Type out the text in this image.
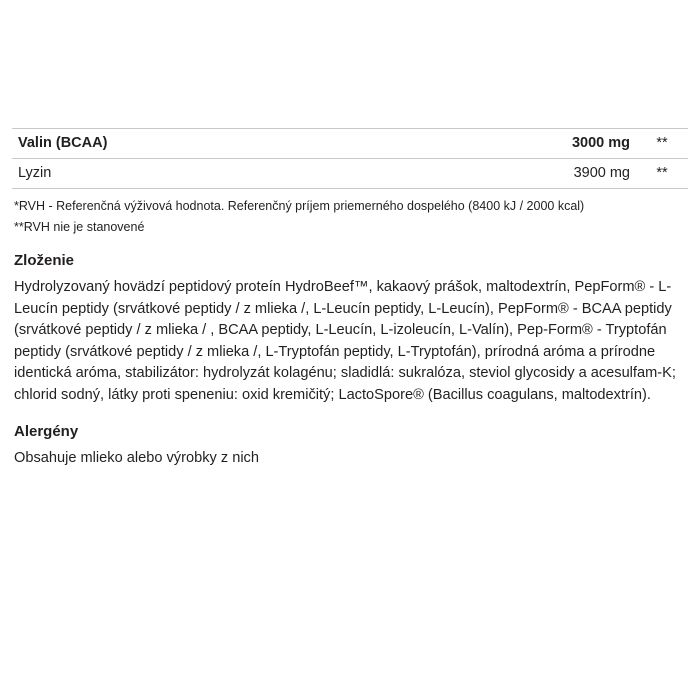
Valin (BCAA)	3000 mg	**
Lyzin	3900 mg	**
*RVH - Referenčná výživová hodnota. Referenčný príjem priemerného dospelého (8400 kJ / 2000 kcal)
**RVH nie je stanovené
Zloženie
Hydrolyzovaný hovädzí peptidový proteín HydroBeef™, kakaový prášok, maltodextrín, PepForm® - L-Leucín peptidy (srvátkové peptidy / z mlieka /, L-Leucín peptidy, L-Leucín), PepForm® - BCAA peptidy (srvátkové peptidy / z mlieka / , BCAA peptidy, L-Leucín, L-izoleucín, L-Valín), Pep-Form® - Tryptofán peptidy (srvátkové peptidy / z mlieka /, L-Tryptofán peptidy, L-Tryptofán), prírodná aróma a prírodne identická aróma, stabilizátor: hydrolyzát kolagénu; sladidlá: sukralóza, steviol glycosidy a acesulfam-K; chlorid sodný, látky proti speneniu: oxid kremičitý; LactoSpore® (Bacillus coagulans, maltodextrín).
Alergény
Obsahuje mlieko alebo výrobky z nich
